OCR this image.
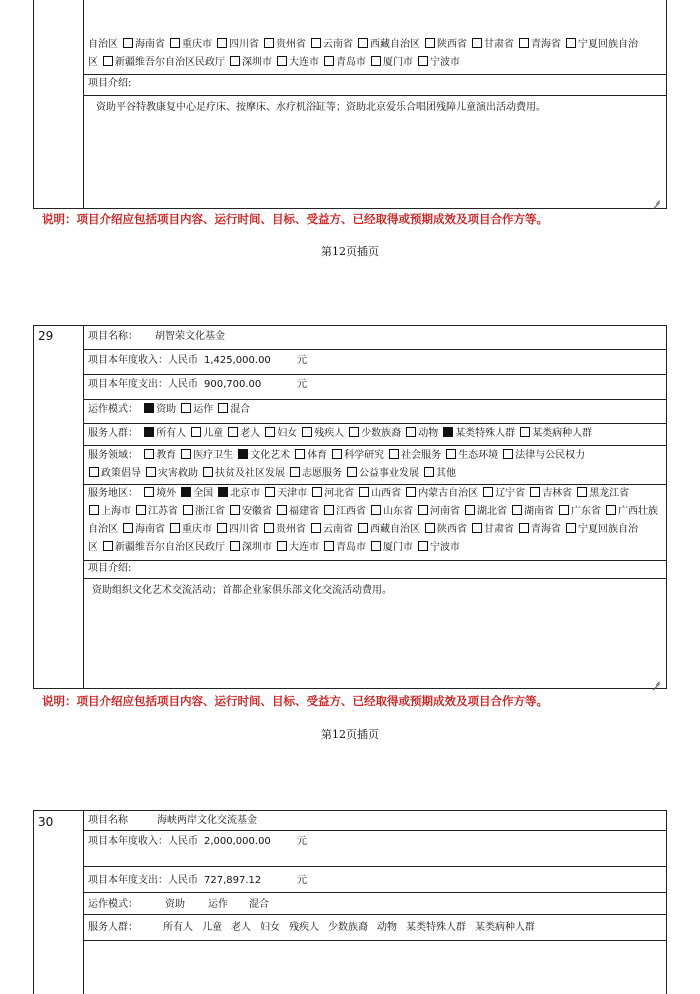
自治区 海南省 重庆市 四川省 贵州省 云南省 西藏自治区 陕西省 甘肃省 青海省 宁夏回族自治
区 新疆维吾尔自治区民政厅 深圳市 大连市 青岛市 厦门市 宁波市
项目介绍:
资助平谷特教康复中心足疗床、按摩床、水疗机浴缸等；资助北京爱乐合唱团残障儿童演出活动费用。
说明：项目介绍应包括项目内容、运行时间、目标、受益方、已经取得或预期成效及项目合作方等。
第12页插页
29	项目名称： 胡智荣文化基金
项目本年度收入：人民币 1,425,000.00	元
项目本年度支出：人民币 900,700.00	元
运作模式： 资助 运作 混合
服务人群： 所有人 儿童 老人 妇女 残疾人 少数族裔 动物 某类特殊人群 某类病种人群
服务领域： 教育 医疗卫生 文化艺术 体育 科学研究 社会服务 生态环境 法律与公民权力
政策倡导 灾害救助 扶贫及社区发展 志愿服务 公益事业发展 其他
服务地区： 境外 全国 北京市 天津市 河北省 山西省 内蒙古自治区 辽宁省 吉林省 黑龙江省
上海市 江苏省 浙江省 安徽省 福建省 江西省 山东省 河南省 湖北省 湖南省 广东省 广西壮族
自治区 海南省 重庆市 四川省 贵州省 云南省 西藏自治区 陕西省 甘肃省 青海省 宁夏回族自治
区 新疆维吾尔自治区民政厅 深圳市 大连市 青岛市 厦门市 宁波市
项目介绍:
资助组织文化艺术交流活动；首都企业家俱乐部文化交流活动费用。
说明：项目介绍应包括项目内容、运行时间、目标、受益方、已经取得或预期成效及项目合作方等。
第12页插页
30	项目名称	海峡两岸文化交流基金
项目本年度收入：人民币 2,000,000.00	元
项目本年度支出：人民币 727,897.12	元
运作模式：	资助 运作 混合
服务人群：	所有人 儿童 老人 妇女 残疾人 少数族裔 动物 某类特殊人群 某类病种人群
